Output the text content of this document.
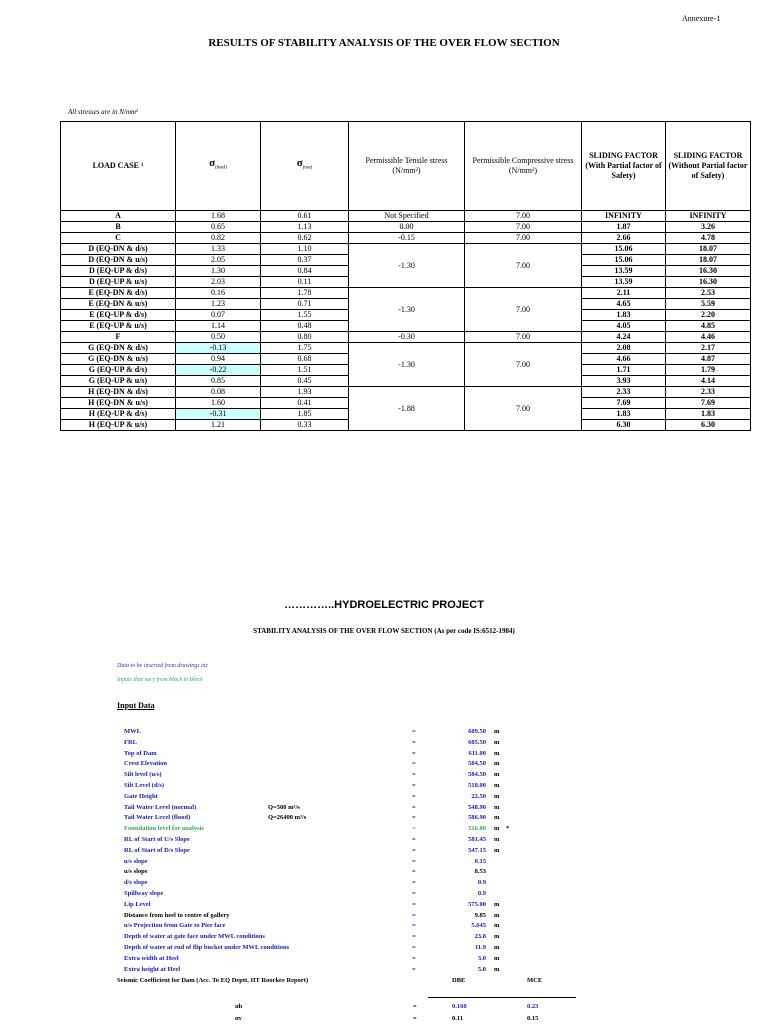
Annexure-1
RESULTS OF STABILITY ANALYSIS OF THE OVER FLOW SECTION
All stresses are in N/mm²
LOAD CASE ¹	$\sigma_{(heel)}$	$\sigma_{(toe)}$	Permissible Tensile stress (N/mm²)	Permissible Compressive stress (N/mm²)	SLIDING FACTOR (With Partial factor of Safety)	SLIDING FACTOR (Without Partial factor of Safety)
A	1.68	0.61	Not Specified	7.00	INFINITY	INFINITY
B	0.65	1.13	0.00	7.00	1.87	3.26
C	0.82	0.62	-0.15	7.00	2.66	4.78
D (EQ-DN & d/s)	1.33	1.10	-1.30	7.00	15.06	18.07
D (EQ-DN & u/s)	2.05	0.37			15.06	18.07
D (EQ-UP & d/s)	1.30	0.84			13.59	16.30
D (EQ-UP & u/s)	2.03	0.11			13.59	16.30
E (EQ-DN & d/s)	0.16	1.78	-1.30	7.00	2.11	2.53
E (EQ-DN & u/s)	1.23	0.71			4.65	5.59
E (EQ-UP & d/s)	0.07	1.55			1.83	2.20
E (EQ-UP & u/s)	1.14	0.48			4.05	4.85
F	0.50	0.80	-0.30	7.00	4.24	4.46
G (EQ-DN & d/s)	-0.13	1.75	-1.30	7.00	2.08	2.17
G (EQ-DN & u/s)	0.94	0.68			4.66	4.87
G (EQ-UP & d/s)	-0.22	1.51			1.71	1.79
G (EQ-UP & u/s)	0.85	0.45			3.93	4.14
H (EQ-DN & d/s)	0.08	1.93	-1.88	7.00	2.33	2.33
H (EQ-DN & u/s)	1.60	0.41			7.69	7.69
H (EQ-UP & d/s)	-0.31	1.85			1.83	1.83
H (EQ-UP & u/s)	1.21	0.33			6.30	6.30
…………..HYDROELECTRIC PROJECT
STABILITY ANALYSIS OF THE OVER FLOW SECTION (As per code IS:6512-1984)
Data to be inserted from drawings etc
Inputs that vary from block to block
Input Data
MWL	=	609.50 m
FRL	=	605.50 m
Top of Dam	=	611.00 m
Crest Elevation	=	584.50 m
Silt level (u/s)	=	584.50 m
Silt Level (d/s)	=	518.00 m
Gate Height	=	22.50 m
Tail Water Level (normal)	Q=500 m³/s	=	548.90 m
Tail Water Level (flood)	Q=26400 m³/s	=	586.90 m
Foundation level for analysis	=	516.00 m *
RL of Start of U/s Slope	=	581.45 m
RL of Start of D/s Slope	=	547.15 m
u/s slope	=	0.15
u/s slope	=	8.53
d/s slope	=	0.9
Spillway slope	=	0.9
Lip Level	=	575.00 m
Distance from heel to centre of gallery	=	9.85 m
u/s Projection from Gate to Pier face	=	5.645 m
Depth of water at gate face under MWL conditions	=	23.8 m
Depth of water at end of flip bucket under MWL conditions	=	11.9 m
Extra width at Heel	=	3.0 m
Extra height at Heel	=	5.0 m
Seismic Coefficient for Dam (Acc. To EQ Deptt, IIT Roorkee Report)	DBE	MCE
αh	=	0.160	0.23
αv	=	0.11	0.15
